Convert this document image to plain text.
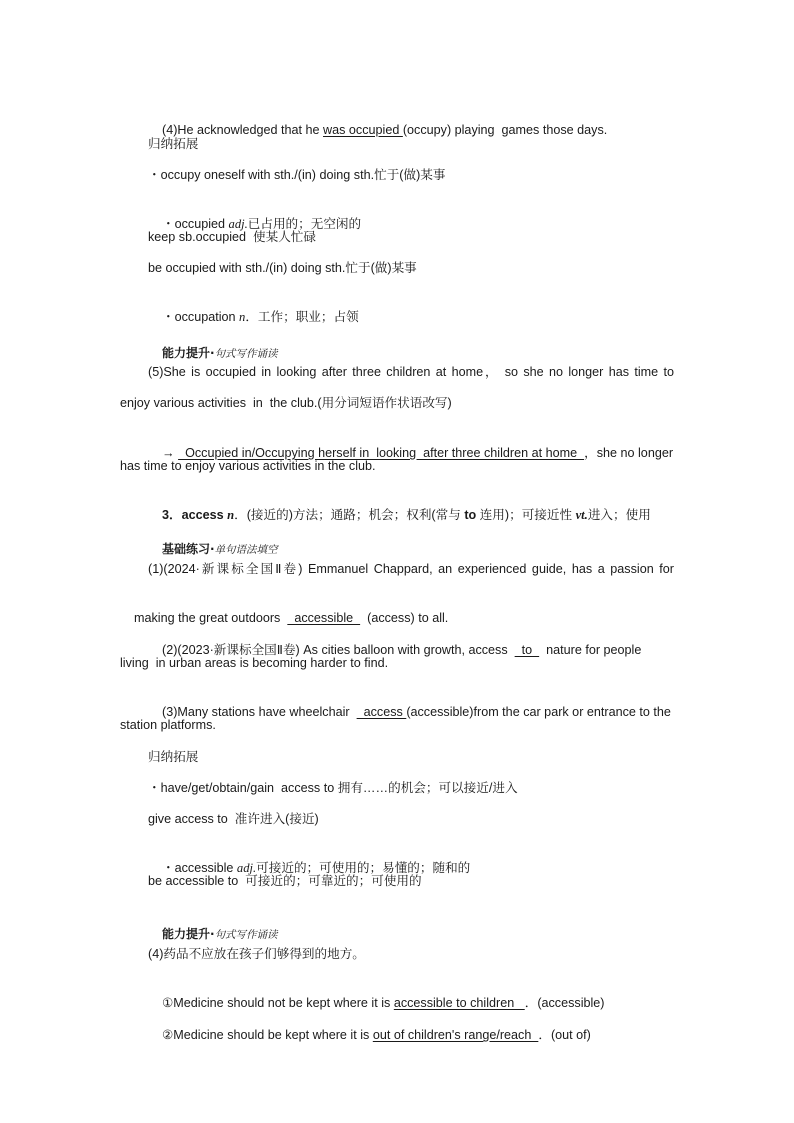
(4)He acknowledged that he was occupied (occupy) playing  games those days.

归纳拓展
・occupy oneself with sth./(in) doing sth.忙于(做)某事

・occupied adj.已占用的；无空闲的

keep sb.occupied  使某人忙碌
be occupied with sth./(in) doing sth.忙于(做)某事

・occupation n．工作；职业；占领

能力提升·句式写作诵读

(5)She is occupied in looking after three children at home， so she no longer has time to
enjoy various activities  in  the club.(用分词短语作状语改写)

→   Occupied in/Occupying herself in  looking  after three children at home  ，she no longer

has time to enjoy various activities in the club.

3．access n．(接近的)方法；通路；机会；权利(常与 to 连用)；可接近性 vt.进入；使用

基础练习·单句语法填空

(1)(2024·新课标全国Ⅱ卷) Emmanuel Chappard, an experienced guide, has a passion for

making the great outdoors    accessible    (access) to all.

(2)(2023·新课标全国Ⅱ卷) As cities balloon with growth, access    to    nature for people

living  in urban areas is becoming harder to find.

(3)Many stations have wheelchair    access (accessible)from the car park or entrance to the

station platforms.
归纳拓展
・have/get/obtain/gain  access to 拥有……的机会；可以接近/进入
give access to  准许进入(接近)

・accessible adj.可接近的；可使用的；易懂的；随和的

be accessible to  可接近的；可靠近的；可使用的

能力提升·句式写作诵读

(4)药品不应放在孩子们够得到的地方。

①Medicine should not be kept where it is accessible to children   ．(accessible)

②Medicine should be kept where it is out of children's range/reach  ．(out of)
